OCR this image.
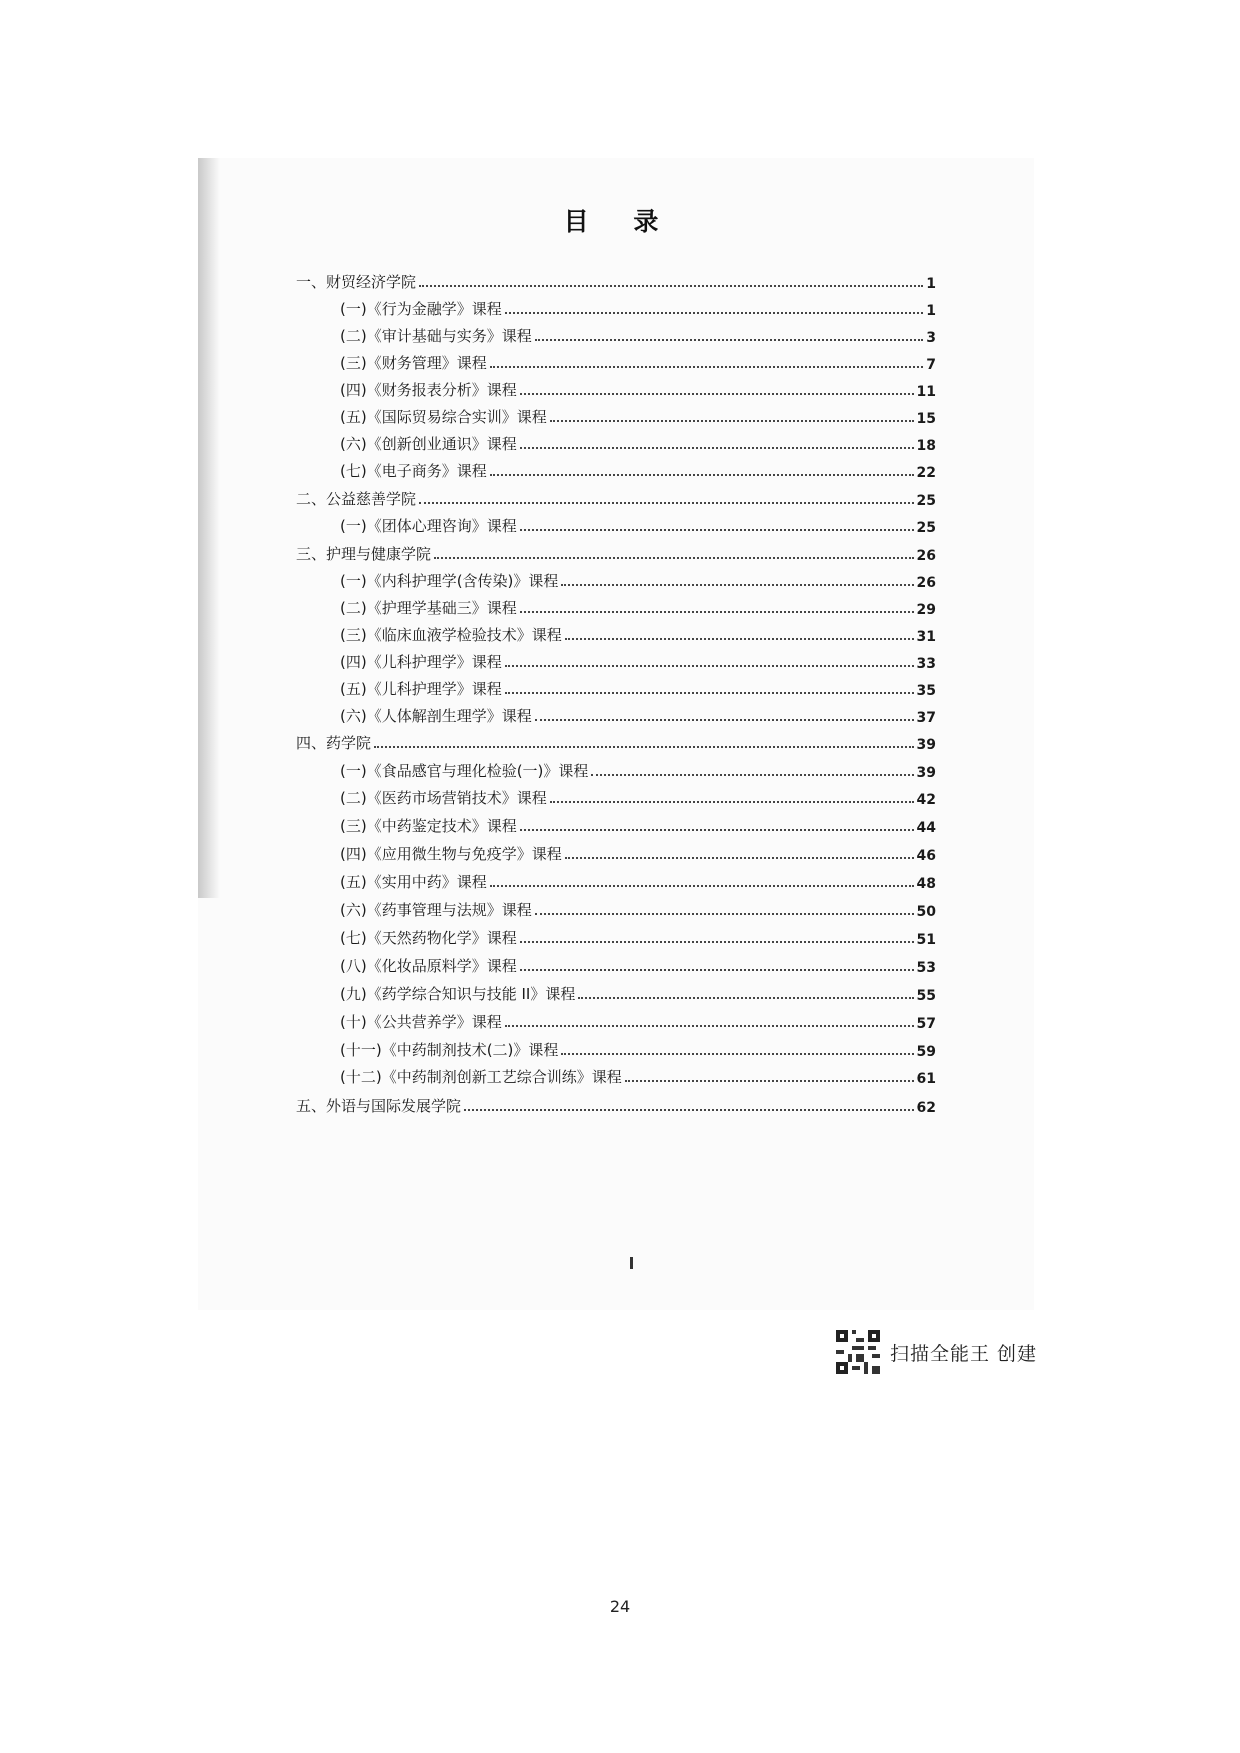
目 录
一、财贸经济学院	1
(一)《行为金融学》课程	1
(二)《审计基础与实务》课程	3
(三)《财务管理》课程	7
(四)《财务报表分析》课程	11
(五)《国际贸易综合实训》课程	15
(六)《创新创业通识》课程	18
(七)《电子商务》课程	22
二、公益慈善学院	25
(一)《团体心理咨询》课程	25
三、护理与健康学院	26
(一)《内科护理学(含传染)》课程	26
(二)《护理学基础三》课程	29
(三)《临床血液学检验技术》课程	31
(四)《儿科护理学》课程	33
(五)《儿科护理学》课程	35
(六)《人体解剖生理学》课程	37
四、药学院	39
(一)《食品感官与理化检验(一)》课程	39
(二)《医药市场营销技术》课程	42
(三)《中药鉴定技术》课程	44
(四)《应用微生物与免疫学》课程	46
(五)《实用中药》课程	48
(六)《药事管理与法规》课程	50
(七)《天然药物化学》课程	51
(八)《化妆品原料学》课程	53
(九)《药学综合知识与技能 II》课程	55
(十)《公共营养学》课程	57
(十一)《中药制剂技术(二)》课程	59
(十二)《中药制剂创新工艺综合训练》课程	61
五、外语与国际发展学院	62
扫描全能王 创建
24
